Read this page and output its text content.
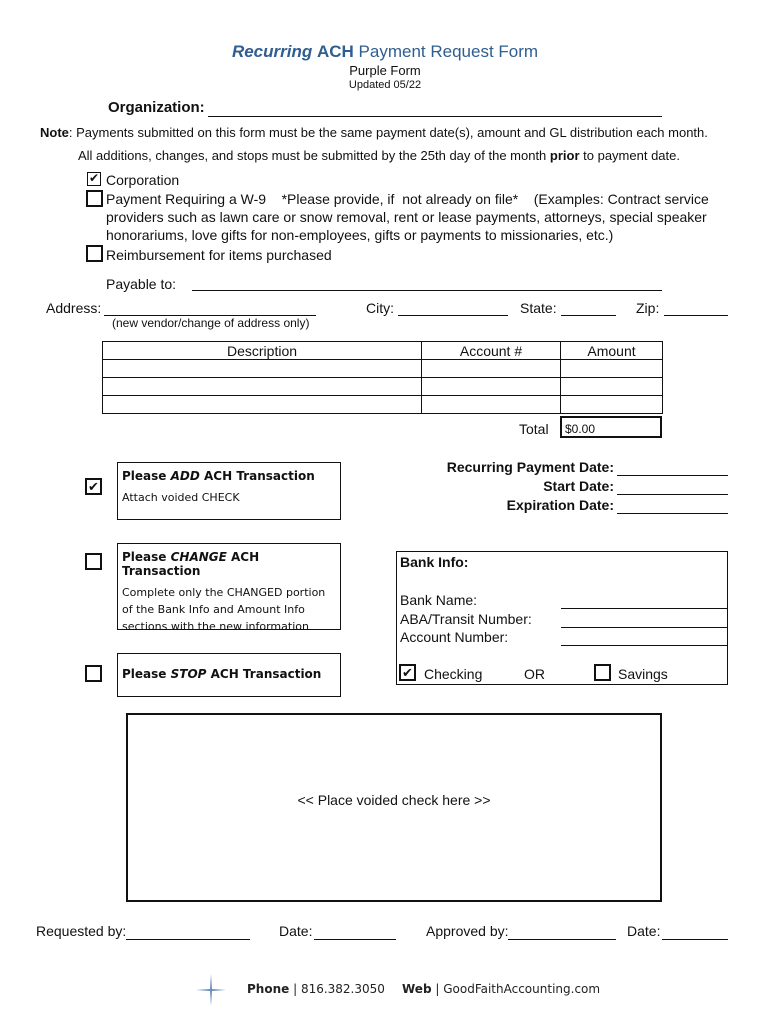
Recurring ACH Payment Request Form
Purple Form
Updated 05/22
Organization:
Note: Payments submitted on this form must be the same payment date(s), amount and GL distribution each month.
All additions, changes, and stops must be submitted by the 25th day of the month prior to payment date.
✔ Corporation
Payment Requiring a W-9    *Please provide, if  not already on file*    (Examples: Contract service
providers such as lawn care or snow removal, rent or lease payments, attorneys, special speaker
honorariums, love gifts for non-employees, gifts or payments to missionaries, etc.)
Reimbursement for items purchased
Payable to:
Address:
(new vendor/change of address only)
City:	State:	Zip:
Description	Account #	Amount

Total	$0.00
✔
Please ADD ACH Transaction
Attach voided CHECK
Recurring Payment Date:
Start Date:
Expiration Date:
Please CHANGE ACH Transaction
Complete only the CHANGED portion
of the Bank Info and Amount Info
sections with the new information
Bank Info:
Bank Name:
ABA/Transit Number:
Account Number:
✔ Checking	OR	Savings
Please STOP ACH Transaction
<< Place voided check here >>
Requested by:	Date:	Approved by:	Date:
Phone | 816.382.3050 Web | GoodFaithAccounting.com
